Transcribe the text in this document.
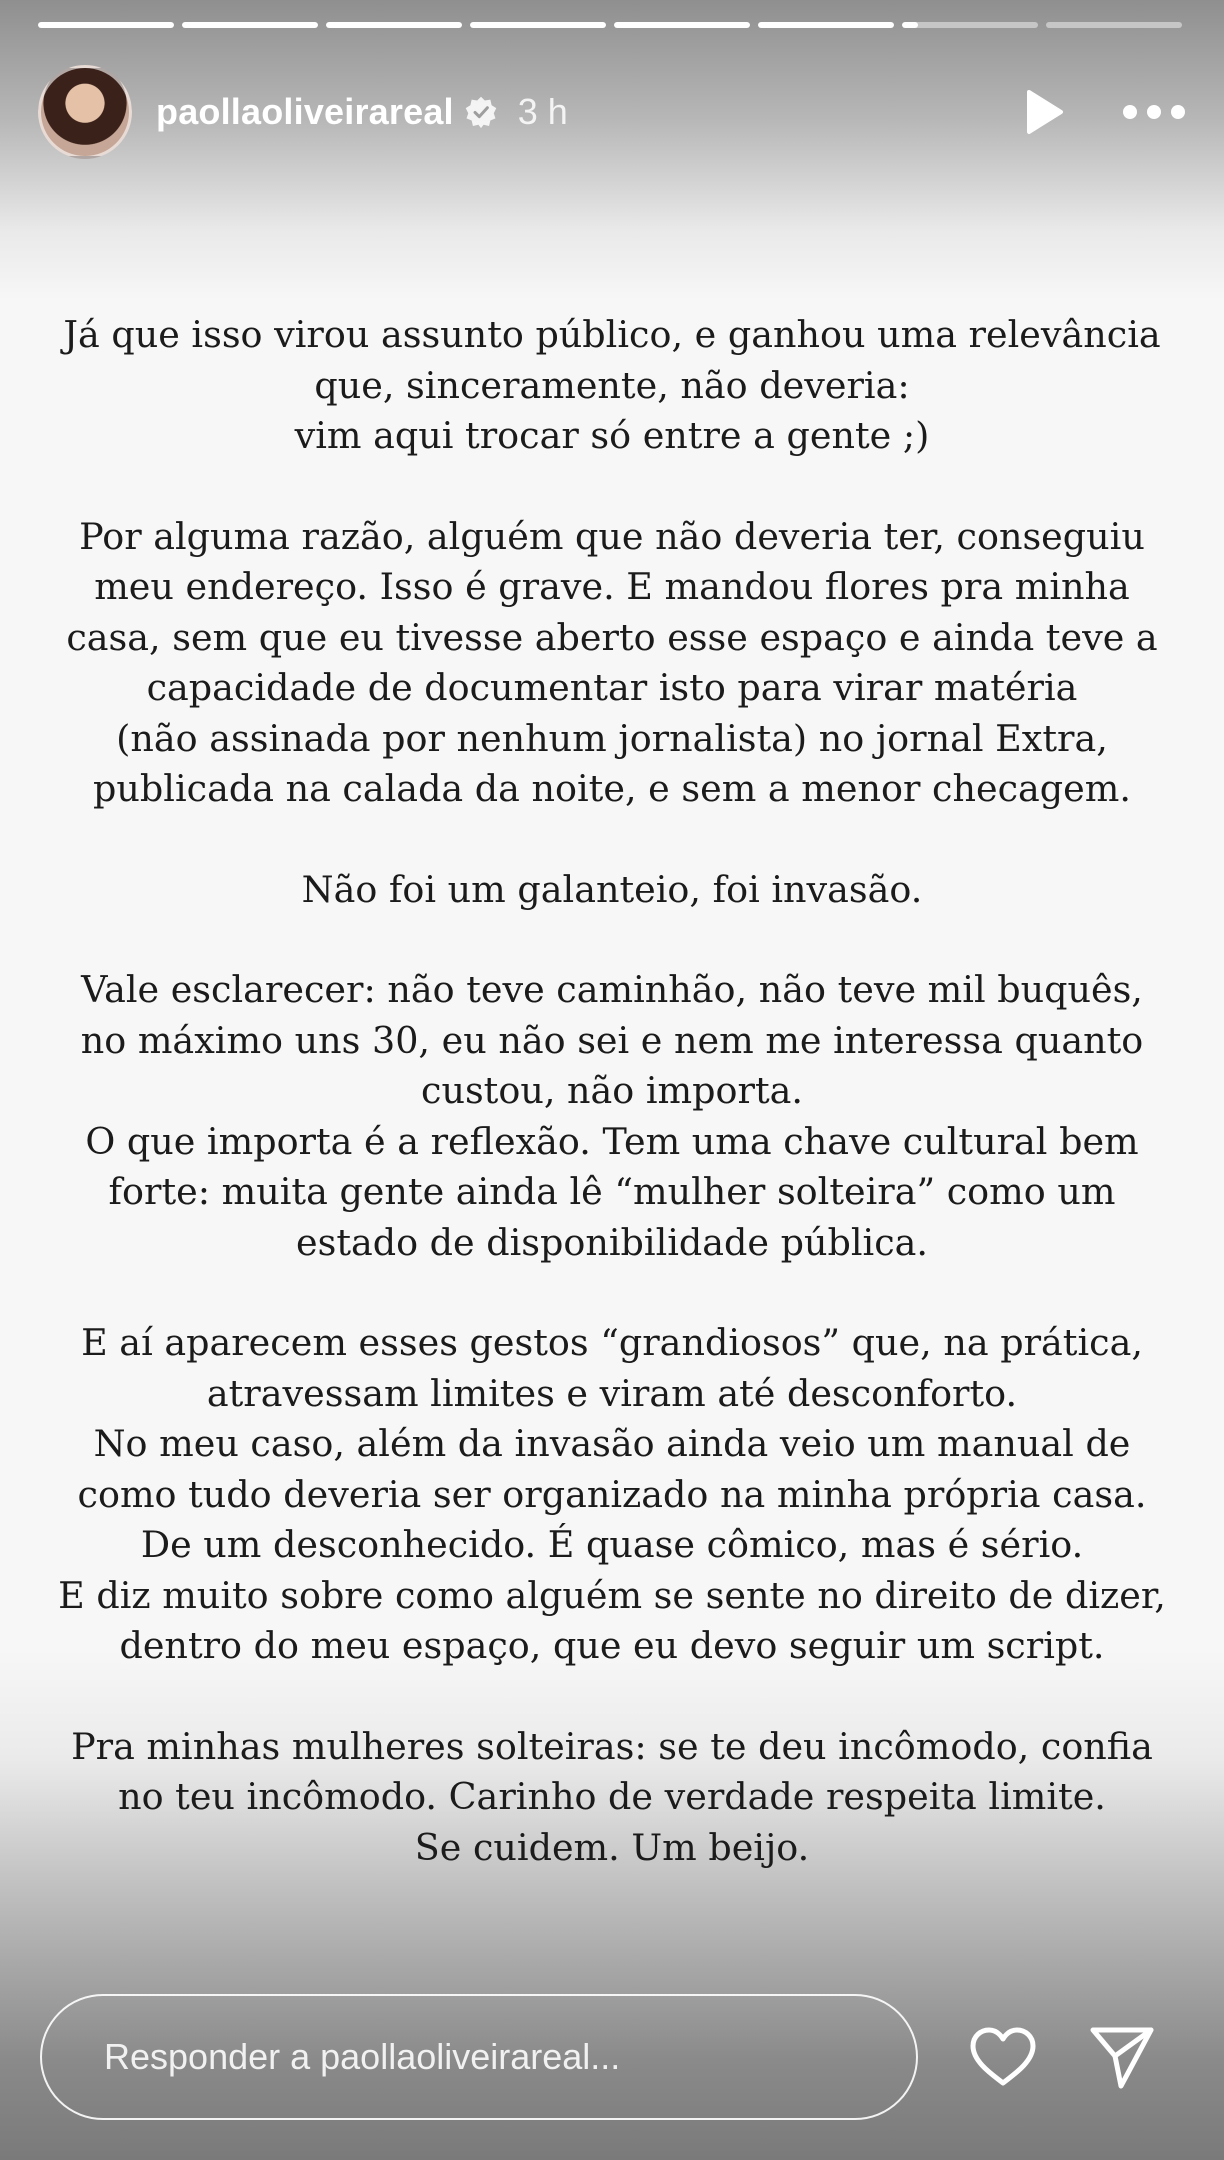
paollaoliveirareal 3 h

Já que isso virou assunto público, e ganhou uma relevância
que, sinceramente, não deveria:
vim aqui trocar só entre a gente ;)

Por alguma razão, alguém que não deveria ter, conseguiu
meu endereço. Isso é grave. E mandou flores pra minha
casa, sem que eu tivesse aberto esse espaço e ainda teve a
capacidade de documentar isto para virar matéria
(não assinada por nenhum jornalista) no jornal Extra,
publicada na calada da noite, e sem a menor checagem.

Não foi um galanteio, foi invasão.

Vale esclarecer: não teve caminhão, não teve mil buquês,
no máximo uns 30, eu não sei e nem me interessa quanto
custou, não importa.
O que importa é a reflexão. Tem uma chave cultural bem
forte: muita gente ainda lê “mulher solteira” como um
estado de disponibilidade pública.

E aí aparecem esses gestos “grandiosos” que, na prática,
atravessam limites e viram até desconforto.
No meu caso, além da invasão ainda veio um manual de
como tudo deveria ser organizado na minha própria casa.
De um desconhecido. É quase cômico, mas é sério.
E diz muito sobre como alguém se sente no direito de dizer,
dentro do meu espaço, que eu devo seguir um script.

Pra minhas mulheres solteiras: se te deu incômodo, confia
no teu incômodo. Carinho de verdade respeita limite.
Se cuidem. Um beijo.

Responder a paollaoliveirareal...
